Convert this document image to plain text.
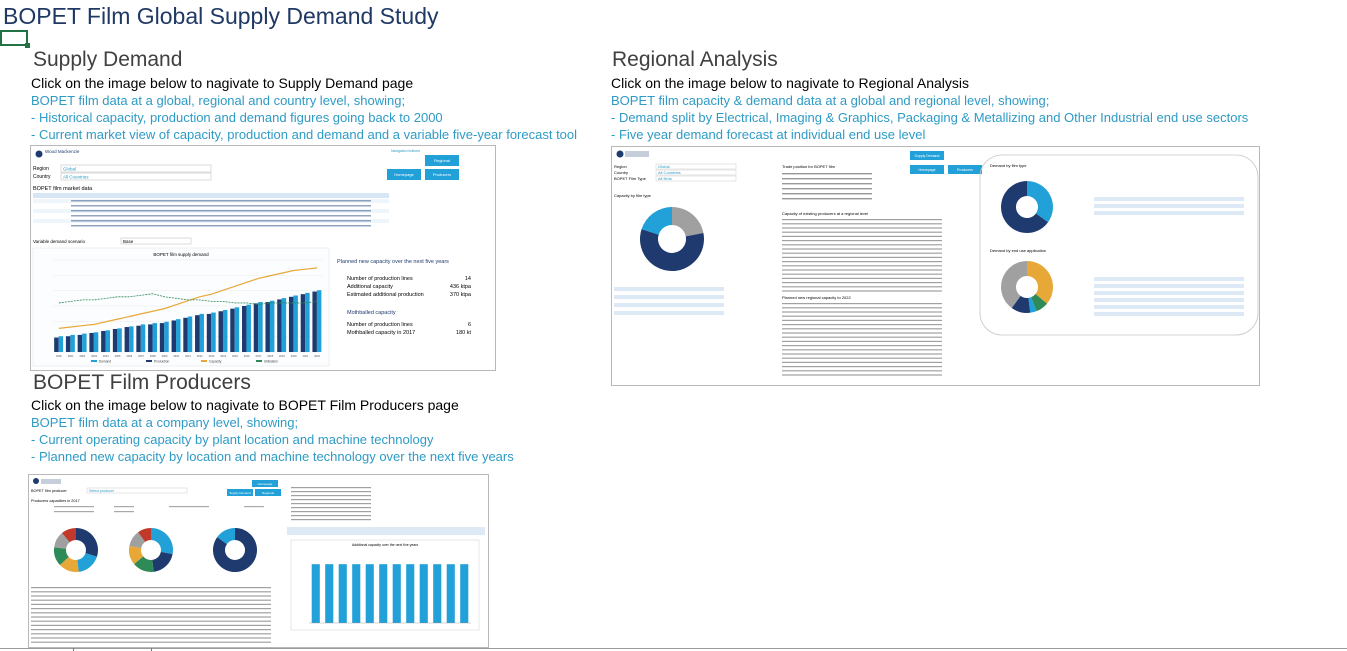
BOPET Film Global Supply Demand Study
Supply Demand
Click on the image below to nagivate to Supply Demand page
BOPET film data at a global, regional and country level, showing;
- Historical capacity, production and demand figures going back to 2000
- Current market view of capacity, production and demand and a variable five-year forecast tool
Wood Mackenzie	Navigation buttons
Region	Global
Country	All Countries
Regional
Homepage	Producers
BOPET film market data
Variable demand scenario	Base
BOPET film supply demand
2000 2001 2002 2003 2004 2005 2006 2007 2008 2009 2010 2011 2012 2013 2014 2015 2016 2017 2018 2019 2020 2021 2022
Demand	Production	Capacity	Utilisation
Planned new capacity over the next five years
Number of production lines	14
Additional capacity	436 ktpa
Estimated additional production	370 ktpa
Mothballed capacity
Number of production lines	6
Mothballed capacity in 2017	180 kt
Regional Analysis
Click on the image below to nagivate to Regional Analysis
BOPET film capacity & demand data at a global and regional level, showing;
- Demand split by Electrical, Imaging & Graphics, Packaging & Metallizing and Other Industrial end use sectors
- Five year demand forecast at individual end use level
Region	Global
Country	All Countries
BOPET Film Type	All films
Trade position for BOPET film
Supply Demand
Homepage	Producers
Capacity by film type
Capacity of existing producers at a regional level
Planned new regional capacity to 2022
Demand by film type
Demand by end use application
BOPET Film Producers
Click on the image below to nagivate to BOPET Film Producers page
BOPET film data at a company level, showing;
- Current operating capacity by plant location and machine technology
- Planned new capacity by location and machine technology over the next five years
BOPET film producer	Select producer
Homepage
Supply Demand	Regional
Producers capacities in 2017
Additional capacity over the next five years
